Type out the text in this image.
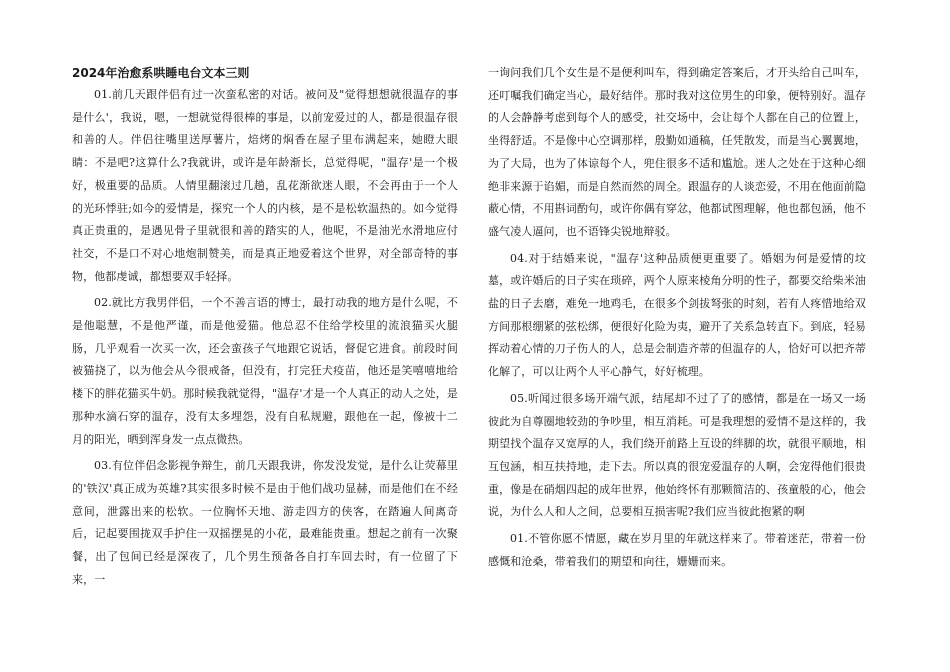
2024年治愈系哄睡电台文本三则

01.前几天跟伴侣有过一次蛮私密的对话。被问及"觉得想想就很温存的事是什么'，我说，嗯，一想就觉得很棒的事是，以前宠爱过的人，都是很温存很和善的人。伴侣往嘴里送厚薯片，焙烤的焖香在屋子里布满起来，她瞪大眼睛：不是吧?这算什么?我就讲，或许是年龄渐长，总觉得呢，"温存'是一个极好，极重要的品质。人情里翻滚过几趟，乱花渐欲迷人眼，不会再由于一个人的光环悸驻;如今的爱情是，探究一个人的内核，是不是松软温热的。如今觉得真正贵重的，是遇见骨子里就很和善的踏实的人，他呢，不是油光水滑地应付社交，不是口不对心地炮制赞美，而是真正地爱着这个世界，对全部奇特的事物，他都虔诚，都想要双手轻择。

02.就比方我男伴侣，一个不善言语的博士，最打动我的地方是什么呢，不是他聪慧，不是他严谨，而是他爱猫。他总忍不住给学校里的流浪猫买火腿肠，几乎观看一次买一次，还会蛮孩子气地跟它说话，督促它进食。前段时间被猫挠了，以为他会从今很戒备，但没有，打完狂犬疫苗，他还是笑嘻嘻地给楼下的胖花猫买牛奶。那时候我就觉得，"温存'才是一个人真正的动人之处，是那种水滴石穿的温存，没有太多埋怨，没有自私规避，跟他在一起，像被十二月的阳光，晒到浑身发一点点微热。

03.有位伴侣念影视争辩生，前几天跟我讲，你发没发觉，是什么让荧幕里的'铁汉'真正成为英雄?其实很多时候不是由于他们战功显赫，而是他们在不经意间，泄露出来的松软。一位胸怀天地、游走四方的侠客，在踏遍人间离奇后，记起要围拢双手护住一双摇摆晃的小花，最难能贵重。想起之前有一次聚餐，出了包间已经是深夜了，几个男生预备各自打车回去时，有一位留了下来，一

一询问我们几个女生是不是便利叫车，得到确定答案后，才开头给自己叫车，还叮嘱我们确定当心，最好结伴。那时我对这位男生的印象，便特别好。温存的人会静静考虑到每个人的感受，社交场中，会让每个人都在自己的位置上，坐得舒适。不是像中心空调那样，殷勤如通稿，任凭散发，而是当心翼翼地，为了大局，也为了体谅每个人，兜住很多不适和尴尬。迷人之处在于这种心细绝非来源于谄媚，而是自然而然的周全。跟温存的人谈恋爱，不用在他面前隐蔽心情，不用斟词酌句，或许你偶有穿忿，他都试图理解，他也都包涵，他不盛气凌人逼问，也不语锋尖锐地辩驳。

04.对于结婚来说，"温存'这种品质便更重要了。婚姻为何是爱情的坟墓，或许婚后的日子实在琐碎，两个人原来棱角分明的性子，都要交给柴米油盐的日子去磨，难免一地鸡毛，在很多个剑拔弩张的时刻，若有人疼惜地给双方间那根绷紧的弦松绑，便很好化险为夷，避开了关系急转直下。到底，轻易挥动着心情的刀子伤人的人，总是会制造齐蒂的但温存的人，恰好可以把齐蒂化解了，可以让两个人平心静气，好好梳理。

05.听闻过很多场开端气派，结尾却不过了了的感情，都是在一场又一场彼此为自尊圈地较劲的争吵里，相互消耗。可是我理想的爱情不是这样的，我期望找个温存又宽厚的人，我们绕开前路上互设的绊脚的坎，就很平顺地，相互包涵，相互扶持地，走下去。所以真的很宠爱温存的人啊，会宠得他们很贵重，像是在硝烟四起的成年世界，他始终怀有那颗简洁的、孩童般的心，他会说，为什么人和人之间，总要相互损害呢?我们应当彼此抱紧的啊

01.不管你愿不情愿，藏在岁月里的年就这样来了。带着迷茫，带着一份感慨和沧桑，带着我们的期望和向往，姗姗而来。
